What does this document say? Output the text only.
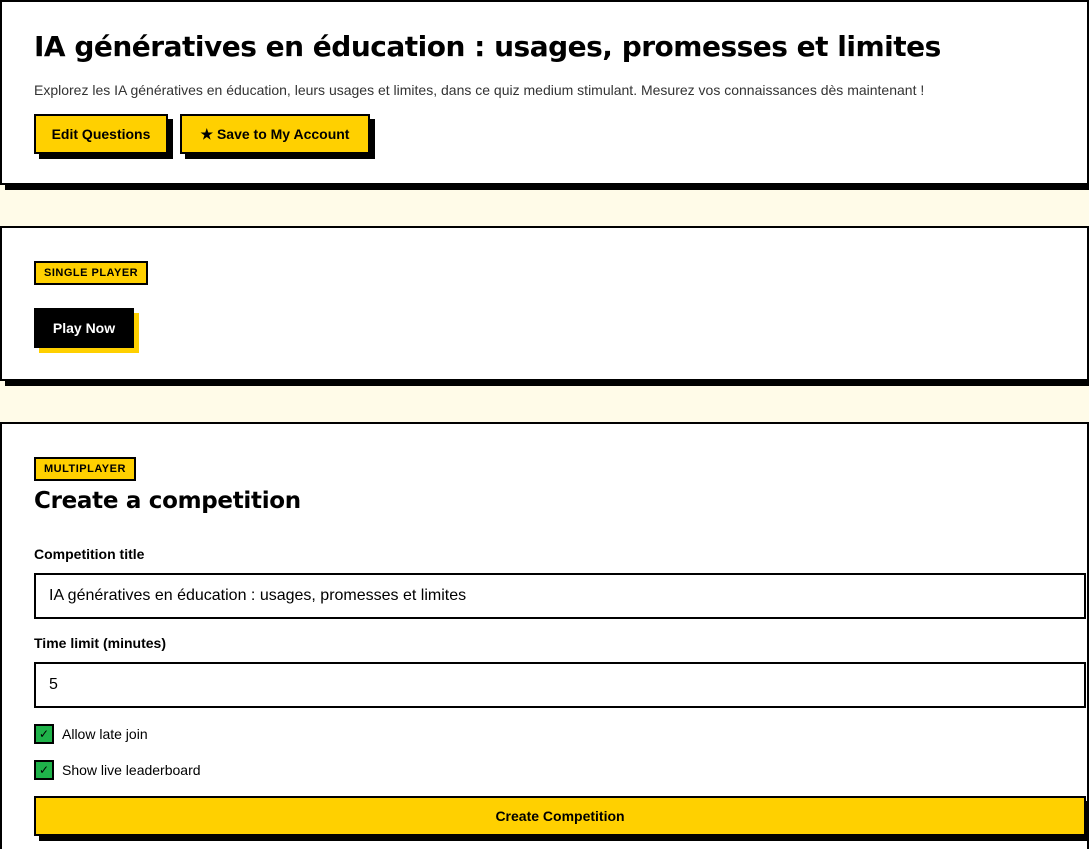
IA génératives en éducation : usages, promesses et limites

Explorez les IA génératives en éducation, leurs usages et limites, dans ce quiz medium stimulant. Mesurez vos connaissances dès maintenant !

Edit Questions	★ Save to My Account
SINGLE PLAYER
Play Now
MULTIPLAYER
Create a competition
Competition title
IA génératives en éducation : usages, promesses et limites
Time limit (minutes)
5
✓ Allow late join
✓ Show live leaderboard
Create Competition
